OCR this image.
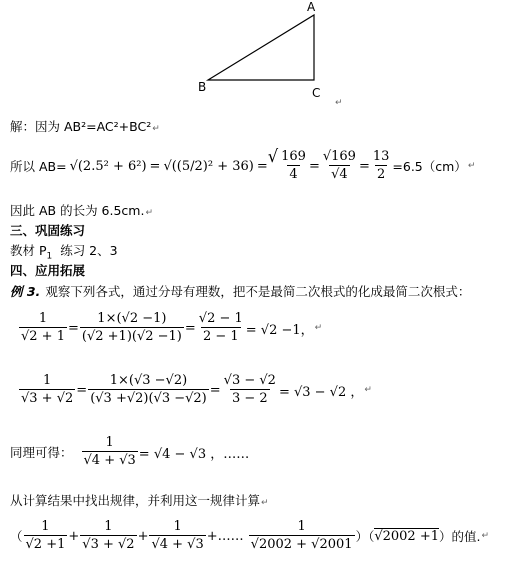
A
B	C
↵
解：因为 AB²=AC²+BC²↵
所以 AB= √(2.5² + 6²) = √((5/2)² + 36) = √ $\frac{169}{4} = \frac{√169}{√4} = \frac{13}{2} =6.5(cm)$ ↵
因此 AB 的长为 6.5cm.↵
三、巩固练习
教材 $P_1$  练习 2、3
四、应用拓展
例 3. 观察下列各式，通过分母有理数，把不是最简二次根式的化成最简二次根式：
$\frac{1}{√2 + 1} = \frac{1\times(√2 -1)}{(√2 +1)(√2 -1)} = \frac{√2 - 1}{2 - 1} = √2 -1$， ↵
$\frac{1}{√3 + √2} = \frac{1\times(√3 -√2)}{(√3 +√2)(√3 -√2)} = \frac{√3 - √2}{3 - 2} = √3 - √2$ ， ↵
同理可得： $\frac{1}{√4 + √3} = √4 - √3$ ，……
从计算结果中找出规律，并利用这一规律计算↵
（ $\frac{1}{√2 +1} + \frac{1}{√3 + √2} + \frac{1}{√4 + √3}$ +…… $\frac{1}{√2002 + √2001}$ ）（ √2002 +1 ）的值. ↵
